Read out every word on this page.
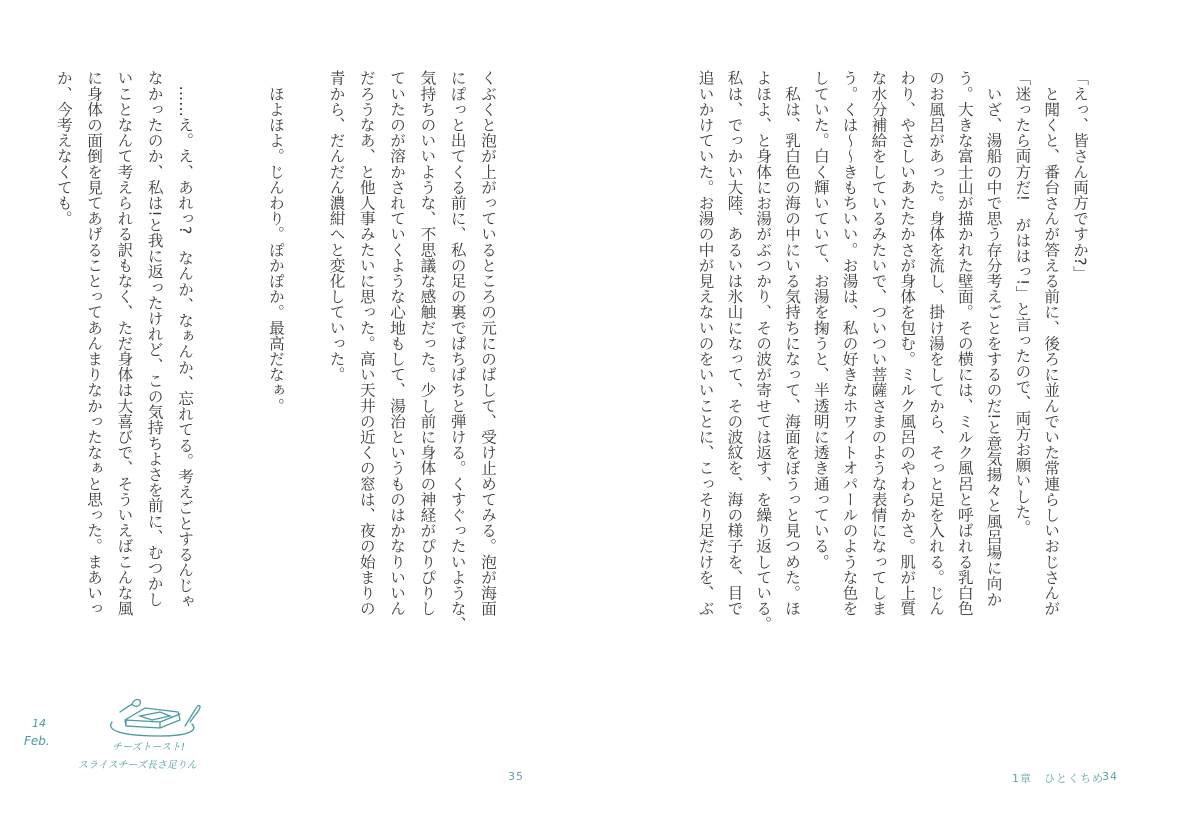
くぶくと泡が上がっているところの元にのばして、受け止めてみる。泡が海面
にぽっと出てくる前に、私の足の裏でぱちぱちと弾ける。くすぐったいような、
気持ちのいいような、不思議な感触だった。少し前に身体の神経がぴりぴりし
ていたのが溶かされていくような心地もして、湯治というものはかなりいいん
だろうなあ、と他人事みたいに思った。高い天井の近くの窓は、夜の始まりの
青から、だんだん濃紺へと変化していった。
　ほよほよ。じんわり。ぽかぽか。最高だなぁ。
　……え。え、あれっ?　なんか、なぁんか、忘れてる。考えごとするんじゃ
なかったのか、私は!と我に返ったけれど、この気持ちよさを前に、むつかし
いことなんて考えられる訳もなく、ただ身体は大喜びで、そういえばこんな風
に身体の面倒を見てあげることってあんまりなかったなぁと思った。まあいっ
か、今考えなくても。
14
Feb.	チーズトースト!
スライスチーズ長さ足りん
35
「えっ、皆さん両方ですか?」
　と聞くと、番台さんが答える前に、後ろに並んでいた常連らしいおじさんが
「迷ったら両方だ!　がははっ!」と言ったので、両方お願いした。
　いざ、湯船の中で思う存分考えごとをするのだ!と意気揚々と風呂場に向か
う。大きな富士山が描かれた壁面。その横には、ミルク風呂と呼ばれる乳白色
のお風呂があった。身体を流し、掛け湯をしてから、そっと足を入れる。じん
わり、やさしいあたたかさが身体を包む。ミルク風呂のやわらかさ。肌が上質
な水分補給をしているみたいで、ついつい菩薩さまのような表情になってしま
う。くは〜〜きもちいい。お湯は、私の好きなホワイトオパールのような色を
していた。白く輝いていて、お湯を掬うと、半透明に透き通っている。
　私は、乳白色の海の中にいる気持ちになって、海面をぼうっと見つめた。ほ
よほよ、と身体にお湯がぶつかり、その波が寄せては返す、を繰り返している。
私は、でっかい大陸、あるいは氷山になって、その波紋を、海の様子を、目で
追いかけていた。お湯の中が見えないのをいいことに、こっそり足だけを、ぶ
1章　ひとくちめ
34
